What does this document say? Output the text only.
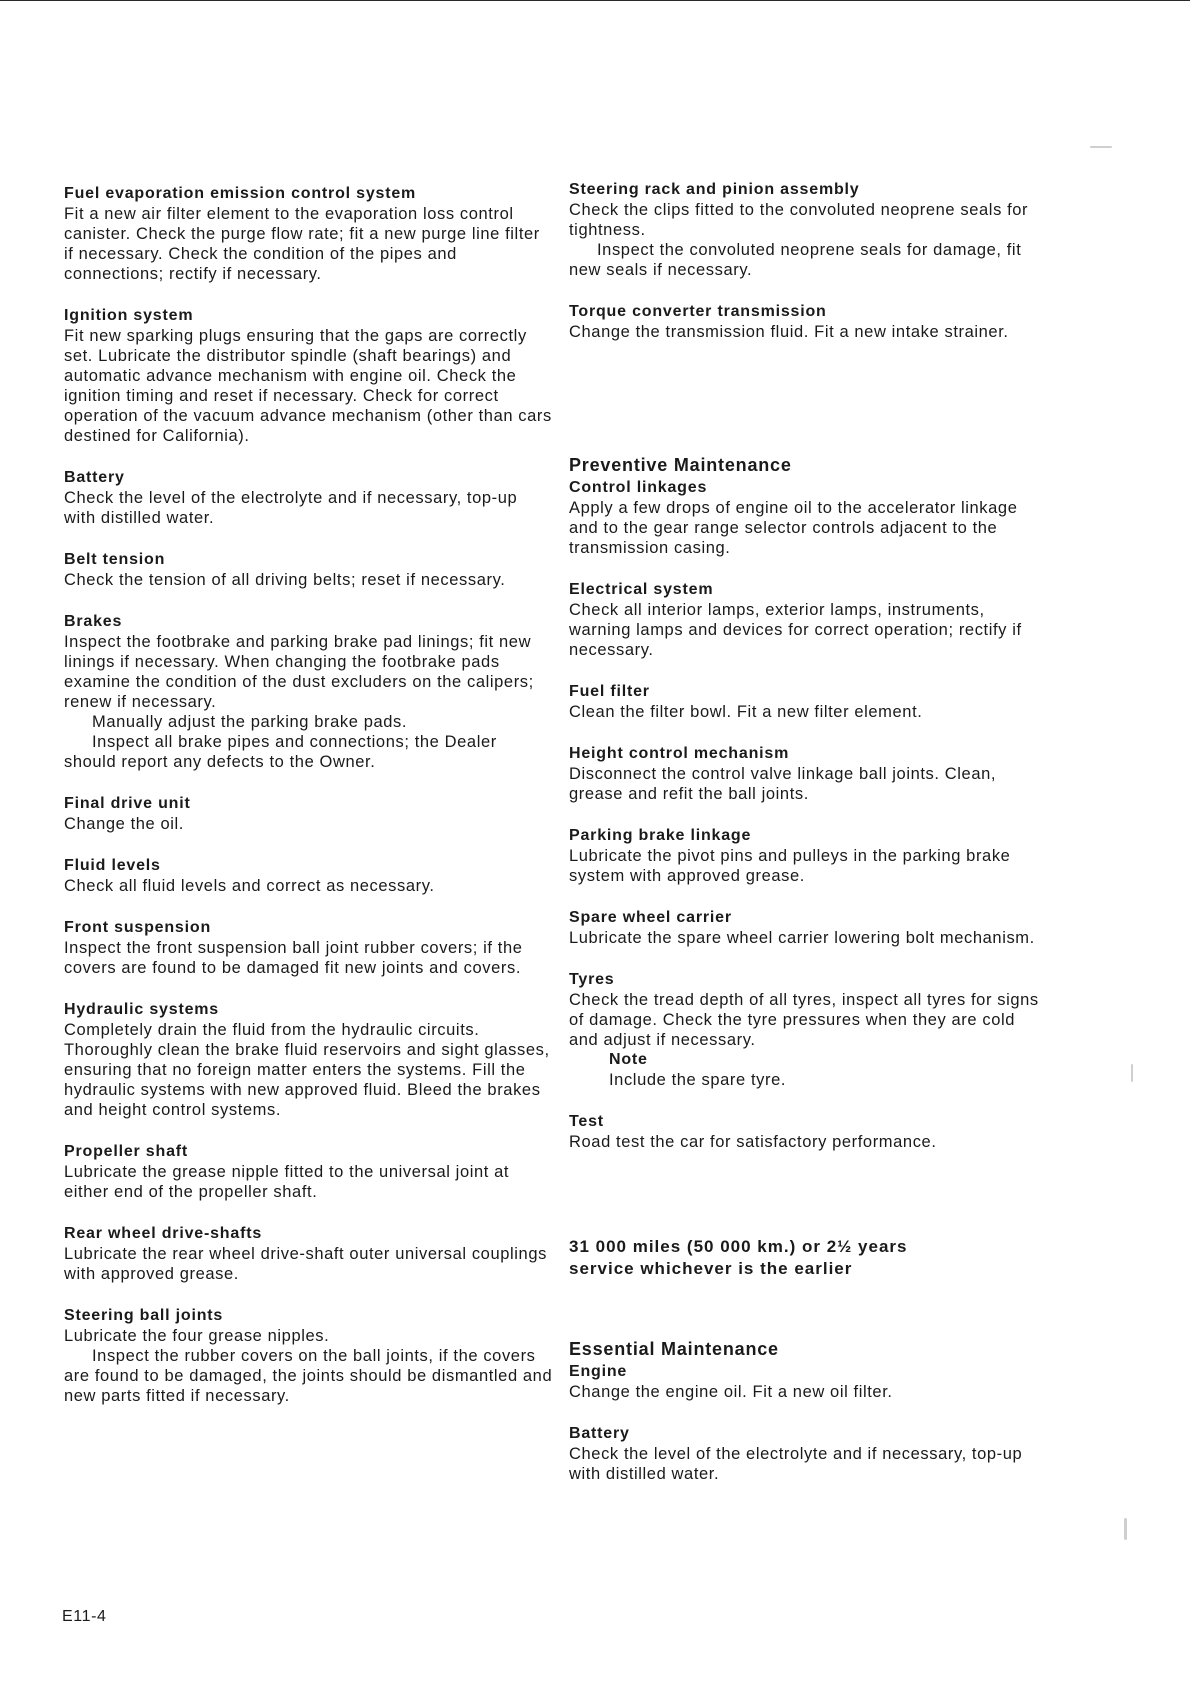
Fuel evaporation emission control system

Fit a new air filter element to the evaporation loss control canister. Check the purge flow rate; fit a new purge line filter if necessary. Check the condition of the pipes and connections; rectify if necessary.

Ignition system

Fit new sparking plugs ensuring that the gaps are correctly set. Lubricate the distributor spindle (shaft bearings) and automatic advance mechanism with engine oil. Check the ignition timing and reset if necessary. Check for correct operation of the vacuum advance mechanism (other than cars destined for California).

Battery

Check the level of the electrolyte and if necessary, top-up with distilled water.

Belt tension

Check the tension of all driving belts; reset if necessary.

Brakes

Inspect the footbrake and parking brake pad linings; fit new linings if necessary. When changing the footbrake pads examine the condition of the dust excluders on the calipers; renew if necessary.

Manually adjust the parking brake pads.

Inspect all brake pipes and connections; the Dealer should report any defects to the Owner.

Final drive unit

Change the oil.

Fluid levels

Check all fluid levels and correct as necessary.

Front suspension

Inspect the front suspension ball joint rubber covers; if the covers are found to be damaged fit new joints and covers.

Hydraulic systems

Completely drain the fluid from the hydraulic circuits. Thoroughly clean the brake fluid reservoirs and sight glasses, ensuring that no foreign matter enters the systems. Fill the hydraulic systems with new approved fluid. Bleed the brakes and height control systems.

Propeller shaft

Lubricate the grease nipple fitted to the universal joint at either end of the propeller shaft.

Rear wheel drive-shafts

Lubricate the rear wheel drive-shaft outer universal couplings with approved grease.

Steering ball joints

Lubricate the four grease nipples.

Inspect the rubber covers on the ball joints, if the covers are found to be damaged, the joints should be dismantled and new parts fitted if necessary.

Steering rack and pinion assembly

Check the clips fitted to the convoluted neoprene seals for tightness.

Inspect the convoluted neoprene seals for damage, fit new seals if necessary.

Torque converter transmission

Change the transmission fluid. Fit a new intake strainer.

Preventive Maintenance
Control linkages

Apply a few drops of engine oil to the accelerator linkage and to the gear range selector controls adjacent to the transmission casing.

Electrical system

Check all interior lamps, exterior lamps, instruments, warning lamps and devices for correct operation; rectify if necessary.

Fuel filter

Clean the filter bowl. Fit a new filter element.

Height control mechanism

Disconnect the control valve linkage ball joints. Clean, grease and refit the ball joints.

Parking brake linkage

Lubricate the pivot pins and pulleys in the parking brake system with approved grease.

Spare wheel carrier

Lubricate the spare wheel carrier lowering bolt mechanism.

Tyres

Check the tread depth of all tyres, inspect all tyres for signs of damage. Check the tyre pressures when they are cold and adjust if necessary.

Note

Include the spare tyre.

Test

Road test the car for satisfactory performance.

31 000 miles (50 000 km.) or 2½ years

service whichever is the earlier

Essential Maintenance
Engine

Change the engine oil. Fit a new oil filter.

Battery

Check the level of the electrolyte and if necessary, top-up with distilled water.

E11-4
